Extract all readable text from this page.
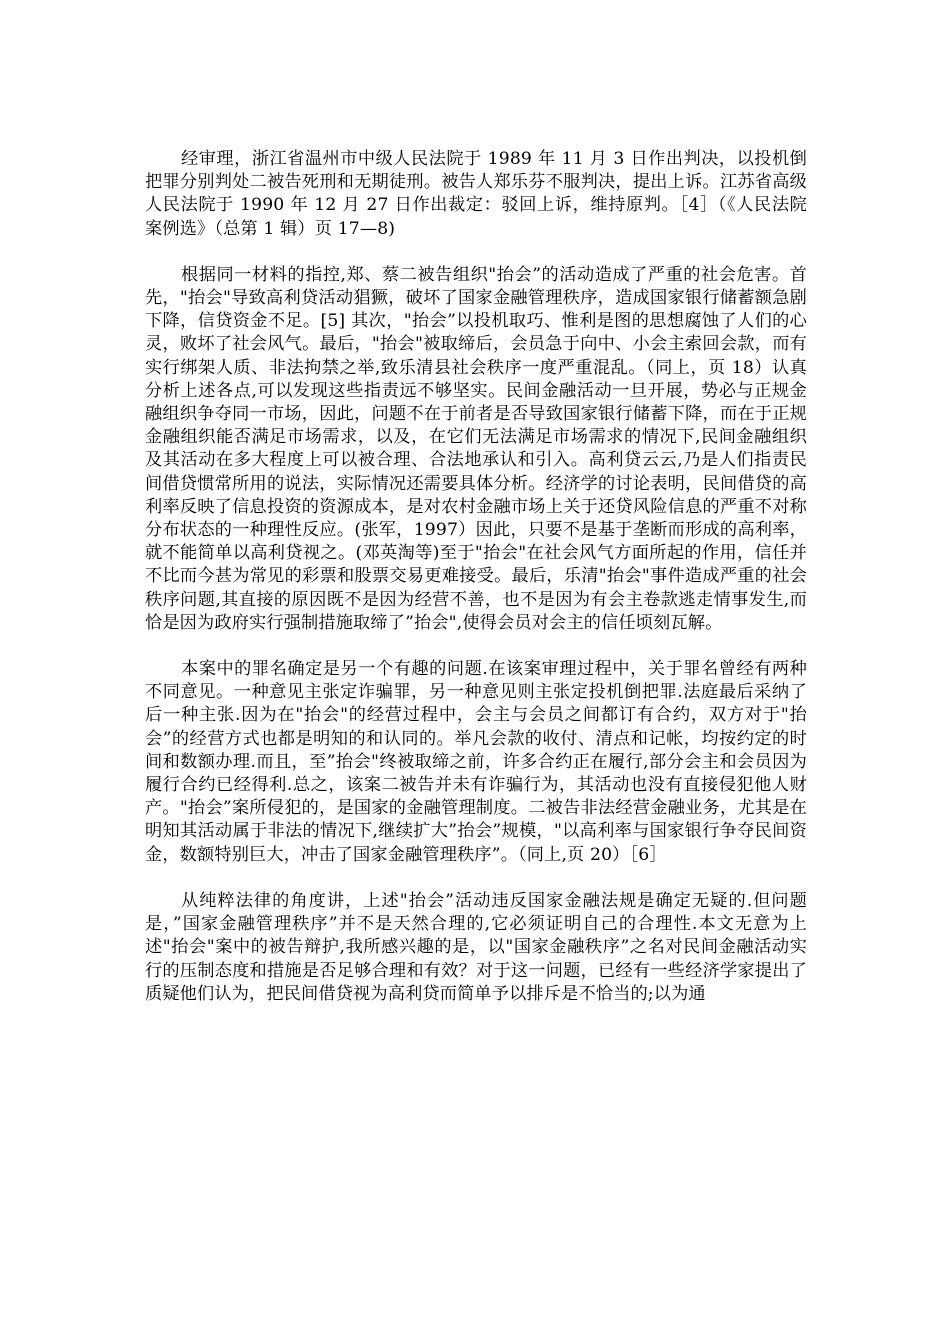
经审理，浙江省温州市中级人民法院于 1989 年 11 月 3 日作出判决，以投机倒把罪分别判处二被告死刑和无期徒刑。被告人郑乐芬不服判决，提出上诉。江苏省高级人民法院于 1990 年 12 月 27 日作出裁定：驳回上诉，维持原判。［4］（《人民法院案例选》（总第 1 辑）页 17—8)

根据同一材料的指控,郑、蔡二被告组织"抬会”的活动造成了严重的社会危害。首先，"抬会"导致高利贷活动猖獗，破坏了国家金融管理秩序，造成国家银行储蓄额急剧下降，信贷资金不足。[5] 其次，"抬会”以投机取巧、惟利是图的思想腐蚀了人们的心灵，败坏了社会风气。最后，"抬会"被取缔后，会员急于向中、小会主索回会款，而有实行绑架人质、非法拘禁之举,致乐清县社会秩序一度严重混乱。（同上，页 18）认真分析上述各点,可以发现这些指责远不够坚实。民间金融活动一旦开展，势必与正规金融组织争夺同一市场，因此，问题不在于前者是否导致国家银行储蓄下降，而在于正规金融组织能否满足市场需求，以及，在它们无法满足市场需求的情况下,民间金融组织及其活动在多大程度上可以被合理、合法地承认和引入。高利贷云云,乃是人们指责民间借贷惯常所用的说法，实际情况还需要具体分析。经济学的讨论表明，民间借贷的高利率反映了信息投资的资源成本，是对农村金融市场上关于还贷风险信息的严重不对称分布状态的一种理性反应。(张军，1997）因此，只要不是基于垄断而形成的高利率，就不能简单以高利贷视之。(邓英淘等)至于"抬会"在社会风气方面所起的作用，信任并不比而今甚为常见的彩票和股票交易更难接受。最后，乐清"抬会"事件造成严重的社会秩序问题,其直接的原因既不是因为经营不善，也不是因为有会主卷款逃走情事发生,而恰是因为政府实行强制措施取缔了”抬会",使得会员对会主的信任顷刻瓦解。

本案中的罪名确定是另一个有趣的问题.在该案审理过程中，关于罪名曾经有两种不同意见。一种意见主张定诈骗罪，另一种意见则主张定投机倒把罪.法庭最后采纳了后一种主张.因为在"抬会"的经营过程中，会主与会员之间都订有合约，双方对于"抬会”的经营方式也都是明知的和认同的。举凡会款的收付、清点和记帐，均按约定的时间和数额办理.而且，至”抬会"终被取缔之前，许多合约正在履行,部分会主和会员因为履行合约已经得利.总之，该案二被告并未有诈骗行为，其活动也没有直接侵犯他人财产。"抬会”案所侵犯的，是国家的金融管理制度。二被告非法经营金融业务，尤其是在明知其活动属于非法的情况下,继续扩大”抬会”规模，"以高利率与国家银行争夺民间资金，数额特别巨大，冲击了国家金融管理秩序”。（同上,页 20）［6］

从纯粹法律的角度讲，上述"抬会”活动违反国家金融法规是确定无疑的.但问题是，”国家金融管理秩序”并不是天然合理的,它必须证明自己的合理性.本文无意为上述"抬会"案中的被告辩护,我所感兴趣的是，以"国家金融秩序”之名对民间金融活动实行的压制态度和措施是否足够合理和有效？对于这一问题，已经有一些经济学家提出了质疑他们认为，把民间借贷视为高利贷而简单予以排斥是不恰当的;以为通
